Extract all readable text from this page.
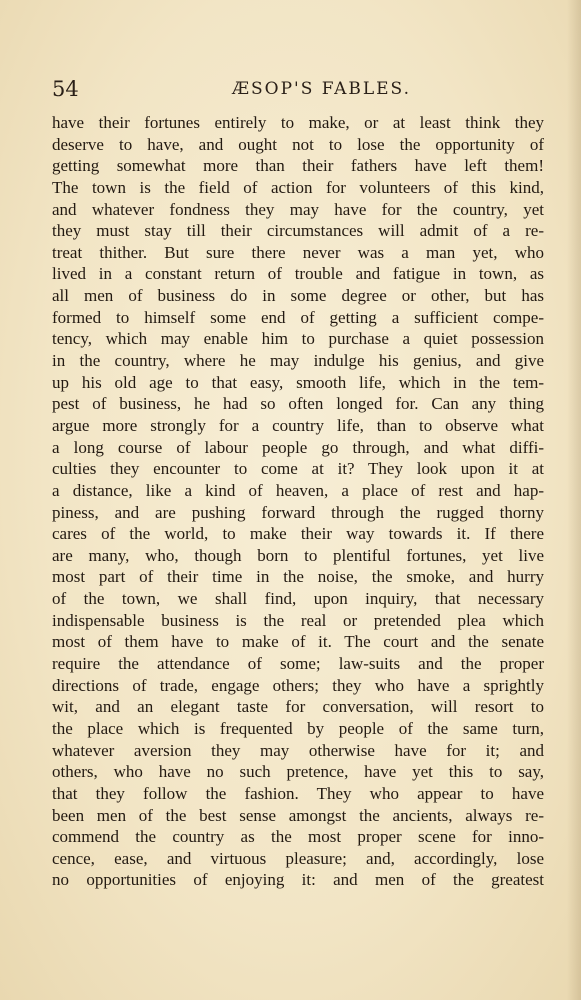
54	ÆSOP'S FABLES.
have their fortunes entirely to make, or at least think they
deserve to have, and ought not to lose the opportunity of
getting somewhat more than their fathers have left them!
The town is the field of action for volunteers of this kind,
and whatever fondness they may have for the country, yet
they must stay till their circumstances will admit of a re-
treat thither. But sure there never was a man yet, who
lived in a constant return of trouble and fatigue in town, as
all men of business do in some degree or other, but has
formed to himself some end of getting a sufficient compe-
tency, which may enable him to purchase a quiet possession
in the country, where he may indulge his genius, and give
up his old age to that easy, smooth life, which in the tem-
pest of business, he had so often longed for. Can any thing
argue more strongly for a country life, than to observe what
a long course of labour people go through, and what diffi-
culties they encounter to come at it? They look upon it at
a distance, like a kind of heaven, a place of rest and hap-
piness, and are pushing forward through the rugged thorny
cares of the world, to make their way towards it. If there
are many, who, though born to plentiful fortunes, yet live
most part of their time in the noise, the smoke, and hurry
of the town, we shall find, upon inquiry, that necessary
indispensable business is the real or pretended plea which
most of them have to make of it. The court and the senate
require the attendance of some; law-suits and the proper
directions of trade, engage others; they who have a sprightly
wit, and an elegant taste for conversation, will resort to
the place which is frequented by people of the same turn,
whatever aversion they may otherwise have for it; and
others, who have no such pretence, have yet this to say,
that they follow the fashion. They who appear to have
been men of the best sense amongst the ancients, always re-
commend the country as the most proper scene for inno-
cence, ease, and virtuous pleasure; and, accordingly, lose
no opportunities of enjoying it: and men of the greatest
